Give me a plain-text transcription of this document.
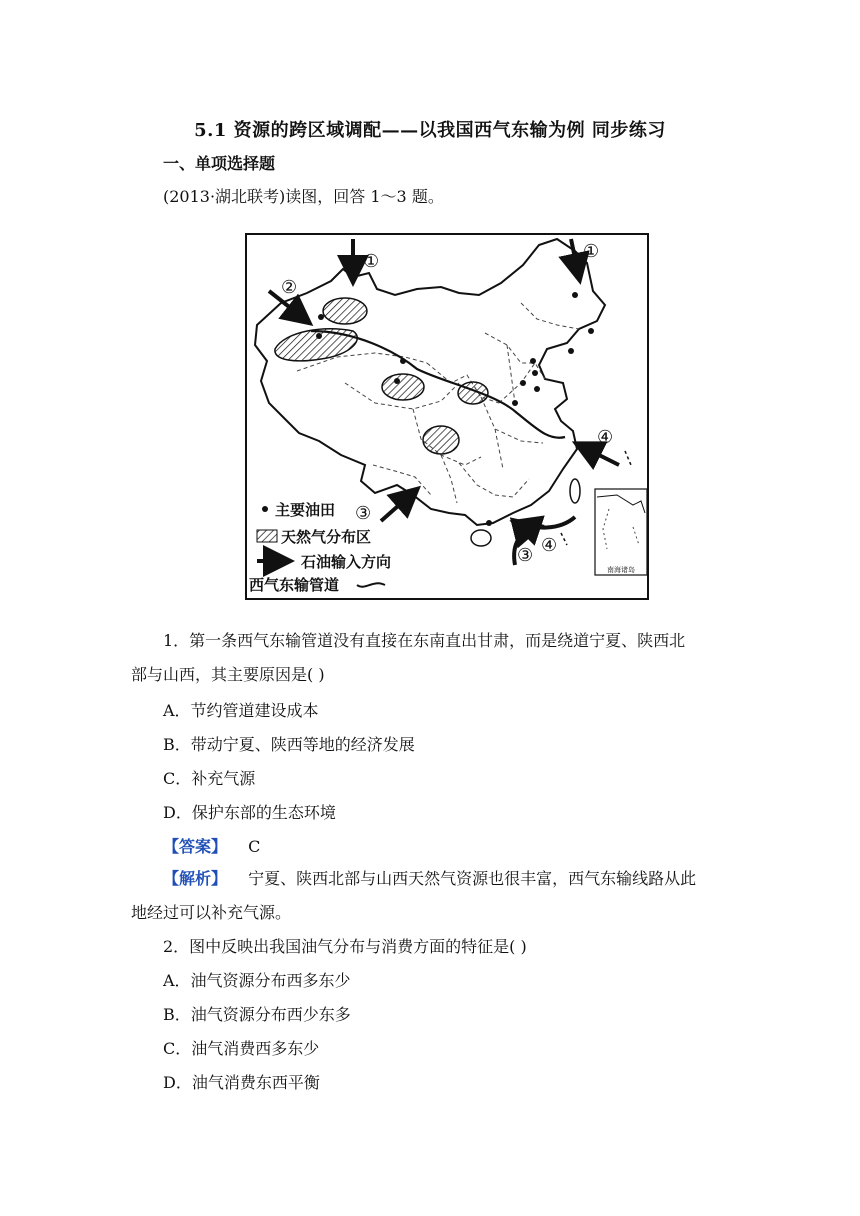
5.1 资源的跨区域调配——以我国西气东输为例 同步练习
一、单项选择题
(2013·湖北联考)读图，回答 1～3 题。
①
②
①
④
③
④
③
南海诸岛
主要油田
天然气分布区
石油输入方向
西气东输管道
1．第一条西气东输管道没有直接在东南直出甘肃，而是绕道宁夏、陕西北
部与山西，其主要原因是( )
A．节约管道建设成本
B．带动宁夏、陕西等地的经济发展
C．补充气源
D．保护东部的生态环境
【答案】 C
【解析】 宁夏、陕西北部与山西天然气资源也很丰富，西气东输线路从此
地经过可以补充气源。
2．图中反映出我国油气分布与消费方面的特征是( )
A．油气资源分布西多东少
B．油气资源分布西少东多
C．油气消费西多东少
D．油气消费东西平衡
